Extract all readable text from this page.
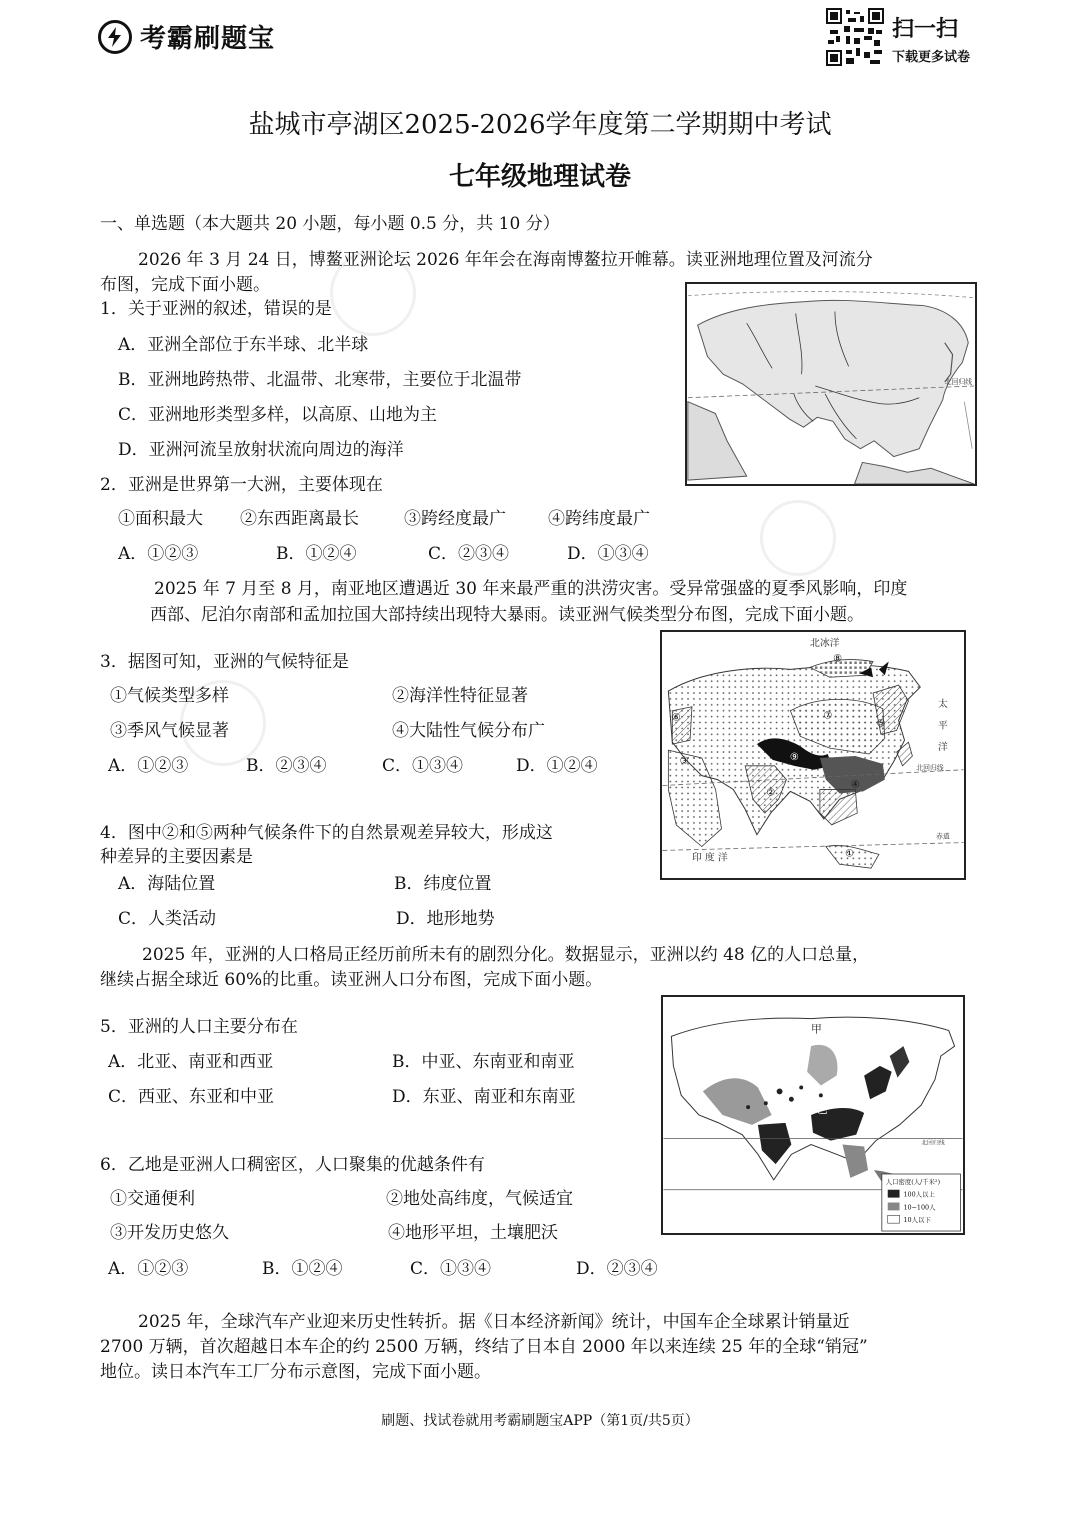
考霸刷题宝	扫一扫
下载更多试卷
盐城市亭湖区2025-2026学年度第二学期期中考试
七年级地理试卷
一、单选题（本大题共 20 小题，每小题 0.5 分，共 10 分）
2026 年 3 月 24 日，博鳌亚洲论坛 2026 年年会在海南博鳌拉开帷幕。读亚洲地理位置及河流分
布图，完成下面小题。
1．关于亚洲的叙述，错误的是
A．亚洲全部位于东半球、北半球
B．亚洲地跨热带、北温带、北寒带，主要位于北温带
C．亚洲地形类型多样，以高原、山地为主
D．亚洲河流呈放射状流向周边的海洋
北回归线
2．亚洲是世界第一大洲，主要体现在
①面积最大 ②东西距离最长	③跨经度最广 ④跨纬度最广
A．①②③	B．①②④	C．②③④	D．①③④
2025 年 7 月至 8 月，南亚地区遭遇近 30 年来最严重的洪涝灾害。受异常强盛的夏季风影响，印度
西部、尼泊尔南部和孟加拉国大部持续出现特大暴雨。读亚洲气候类型分布图，完成下面小题。
3．据图可知，亚洲的气候特征是
①气候类型多样	②海洋性特征显著
③季风气候显著	④大陆性气候分布广
A．①②③	B．②③④	C．①③④	D．①②④
①
②
③
④
⑤
⑥	⑦
⑧
⑨
北冰洋
太
平
洋
印 度 洋
北回归线
赤道
4．图中②和⑤两种气候条件下的自然景观差异较大，形成这
种差异的主要因素是
A．海陆位置	B．纬度位置
C．人类活动	D．地形地势
2025 年，亚洲的人口格局正经历前所未有的剧烈分化。数据显示，亚洲以约 48 亿的人口总量，
继续占据全球近 60%的比重。读亚洲人口分布图，完成下面小题。
5．亚洲的人口主要分布在
A．北亚、南亚和西亚	B．中亚、东南亚和南亚
C．西亚、东亚和中亚	D．东亚、南亚和东南亚
甲
乙
北回归线
人口密度(人/千米²)
100人以上
10~100人
10人以下
6．乙地是亚洲人口稠密区，人口聚集的优越条件有
①交通便利	②地处高纬度，气候适宜
③开发历史悠久	④地形平坦，土壤肥沃
A．①②③	B．①②④	C．①③④	D．②③④
2025 年，全球汽车产业迎来历史性转折。据《日本经济新闻》统计，中国车企全球累计销量近
2700 万辆，首次超越日本车企的约 2500 万辆，终结了日本自 2000 年以来连续 25 年的全球“销冠”
地位。读日本汽车工厂分布示意图，完成下面小题。
刷题、找试卷就用考霸刷题宝APP（第1页/共5页）
